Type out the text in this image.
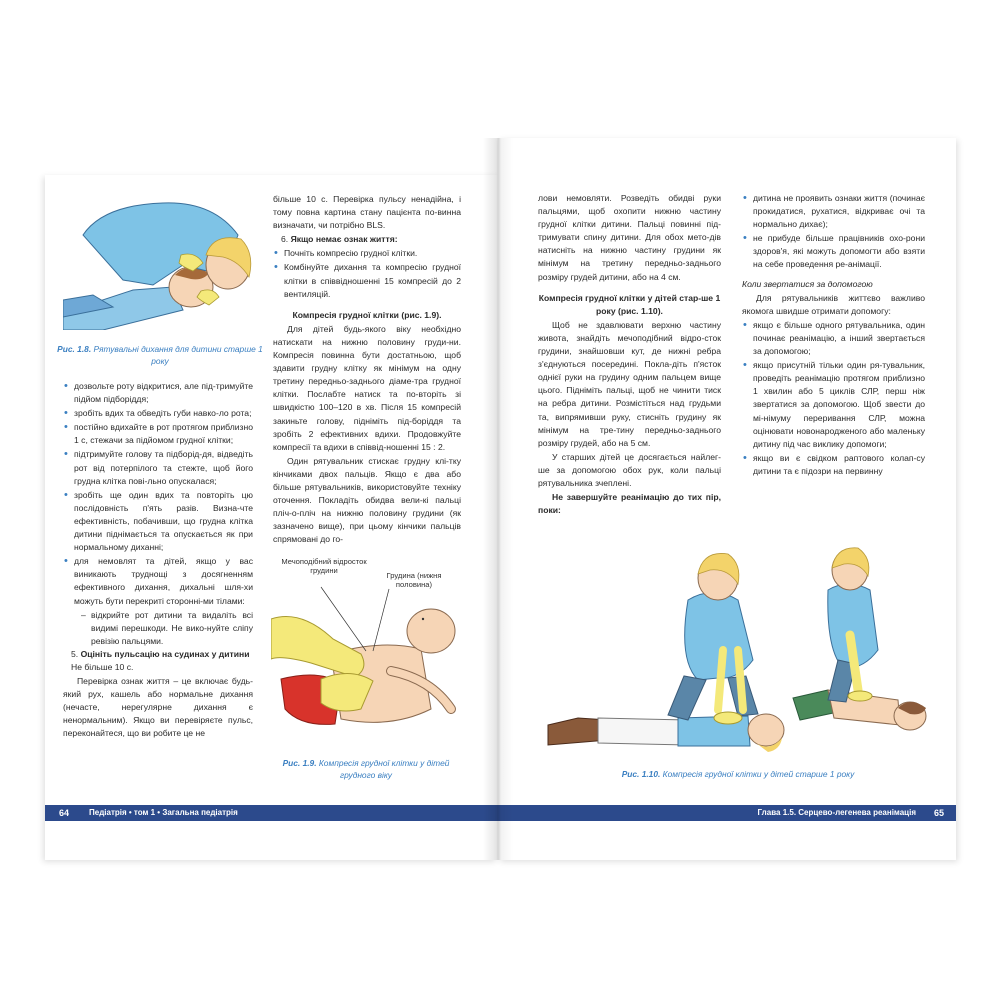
Рис. 1.8. Рятувальні дихання для дитини старше 1 року
• дозвольте роту відкритися, але під-тримуйте підйом підборіддя;
• зробіть вдих та обведіть губи навко-ло рота;
• постійно вдихайте в рот протягом приблизно 1 с, стежачи за підйомом грудної клітки;
• підтримуйте голову та підборід-дя, відведіть рот від потерпілого та стежте, щоб його грудна клітка пові-льно опускалася;
• зробіть ще один вдих та повторіть цю послідовність п'ять разів. Визна-чте ефективність, побачивши, що грудна клітка дитини піднімається та опускається як при нормальному диханні;
• для немовлят та дітей, якщо у вас виникають труднощі з досягненням ефективного дихання, дихальні шля-хи можуть бути перекриті сторонні-ми тілами:
– відкрийте рот дитини та видаліть всі видимі перешкоди. Не вико-нуйте сліпу ревізію пальцями.

5. Оцініть пульсацію на судинах у дитини
Не більше 10 с.

Перевірка ознак життя – це включає будь-який рух, кашель або нормальне дихання (нечасте, нерегулярне дихання є ненормальним). Якщо ви перевіряєте пульс, переконайтеся, що ви робите це не

більше 10 с. Перевірка пульсу ненадійна, і тому повна картина стану пацієнта по-винна визначати, чи потрібно BLS.

6. Якщо немає ознак життя:

• Почніть компресію грудної клітки.
• Комбінуйте дихання та компресію грудної клітки в співвідношенні 15 компресій до 2 вентиляцій.

Компресія грудної клітки (рис. 1.9).

Для дітей будь-якого віку необхідно натискати на нижню половину груди-ни. Компресія повинна бути достатньою, щоб здавити грудну клітку як мінімум на одну третину передньо-заднього діаме-тра грудної клітки. Пoслабте натиск та по-вторіть зі швидкістю 100–120 в хв. Після 15 компресій закиньте голову, підніміть під-боріддя та зробіть 2 ефективних вдихи. Продовжуйте компресії та вдихи в співвід-ношенні 15 : 2.

Один рятувальник стискає грудну клі-тку кінчиками двох пальців. Якщо є два або більше рятувальників, використовуйте техніку оточення. Покладіть обидва вели-кі пальці пліч-о-пліч на нижню половину грудини (як зазначено вище), при цьому кінчики пальців спрямовані до го-

Мечоподібний відросток грудини
Грудина (нижня половина)
Рис. 1.9. Компресія грудної клітки у дітей грудного віку
64 Педіатрія • том 1 • Загальна педіатрія

лови немовляти. Розведіть обидві руки пальцями, щоб охопити нижню частину грудної клітки дитини. Пальці повинні під-тримувати спину дитини. Для обох мето-дів натисніть на нижню частину грудини як мінімум на третину передньо-заднього розміру грудей дитини, або на 4 см.

Компресія грудної клітки у дітей стар-ше 1 року (рис. 1.10).

Щоб не здавлювати верхню частину живота, знайдіть мечоподібний відро-сток грудини, знайшовши кут, де нижні ребра з'єднуються посередині. Покла-діть п'ясток однієї руки на грудину одним пальцем вище цього. Підніміть пальці, щоб не чинити тиск на ребра дитини. Розмістіться над грудьми та, випрямивши руку, стисніть грудину як мінімум на тре-тину передньо-заднього розміру грудей, або на 5 см.

У старших дітей це досягається найлег-ше за допомогою обох рук, коли пальці рятувальника зчеплені.

Не завершуйте реанімацію до тих пір, поки:

• дитина не проявить ознаки життя (починає прокидатися, рухатися, відкриває очі та нормально дихає);
• не прибуде більше працівників охо-рони здоров'я, які можуть допомогти або взяти на себе проведення ре-анімації.

Коли звертатися за допомогою

Для рятувальників життєво важливо якомога швидше отримати допомогу:

• якщо є більше одного рятувальника, один починає реанімацію, а інший звертається за допомогою;
• якщо присутній тільки один ря-тувальник, проведіть реанімацію протягом приблизно 1 хвилин або 5 циклів СЛР, перш ніж звертатися за допомогою. Щоб звести до мі-німуму переривання СЛР, можна оцінювати новонародженого або маленьку дитину під час виклику допомоги;
• якщо ви є свідком раптового колап-су дитини та є підозри на первинну
Рис. 1.10. Компресія грудної клітки у дітей старше 1 року
Глава 1.5. Серцево-легенева реанімація 65
